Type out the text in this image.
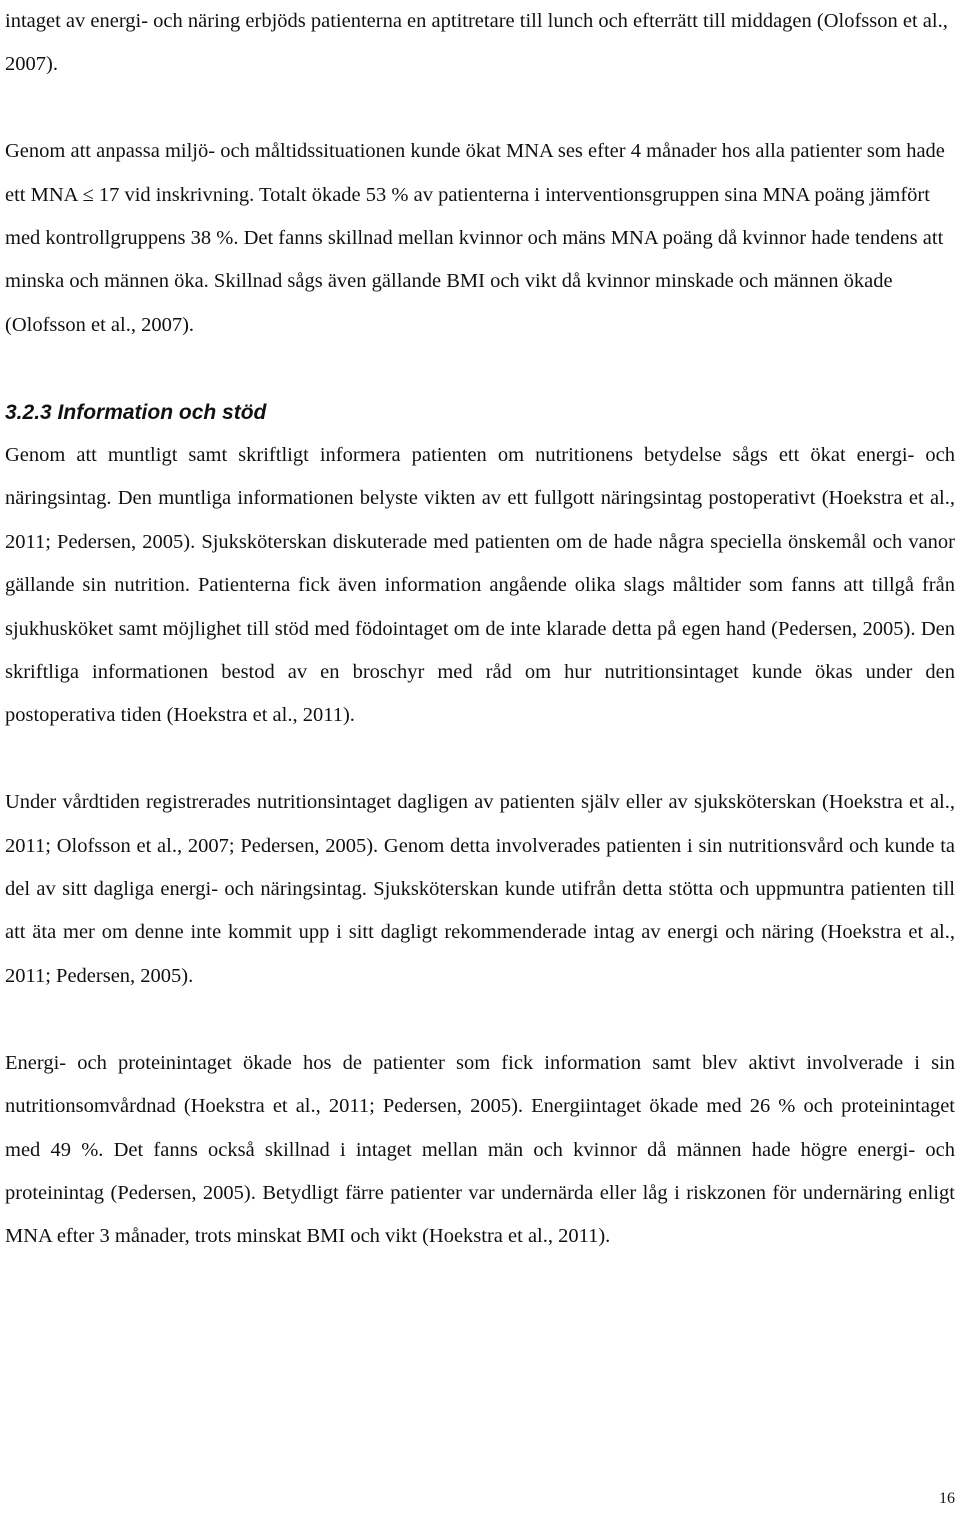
intaget av energi- och näring erbjöds patienterna en aptitretare till lunch och efterrätt till middagen (Olofsson et al., 2007).

Genom att anpassa miljö- och måltidssituationen kunde ökat MNA ses efter 4 månader hos alla patienter som hade ett MNA ≤ 17 vid inskrivning. Totalt ökade 53 % av patienterna i interventionsgruppen sina MNA poäng jämfört med kontrollgruppens 38 %. Det fanns skillnad mellan kvinnor och mäns MNA poäng då kvinnor hade tendens att minska och männen öka. Skillnad sågs även gällande BMI och vikt då kvinnor minskade och männen ökade (Olofsson et al., 2007).

3.2.3 Information och stöd

Genom att muntligt samt skriftligt informera patienten om nutritionens betydelse sågs ett ökat energi- och näringsintag. Den muntliga informationen belyste vikten av ett fullgott näringsintag postoperativt (Hoekstra et al., 2011; Pedersen, 2005). Sjuksköterskan diskuterade med patienten om de hade några speciella önskemål och vanor gällande sin nutrition. Patienterna fick även information angående olika slags måltider som fanns att tillgå från sjukhusköket samt möjlighet till stöd med födointaget om de inte klarade detta på egen hand (Pedersen, 2005). Den skriftliga informationen bestod av en broschyr med råd om hur nutritionsintaget kunde ökas under den postoperativa tiden (Hoekstra et al., 2011).

Under vårdtiden registrerades nutritionsintaget dagligen av patienten själv eller av sjuksköterskan (Hoekstra et al., 2011; Olofsson et al., 2007; Pedersen, 2005). Genom detta involverades patienten i sin nutritionsvård och kunde ta del av sitt dagliga energi- och näringsintag. Sjuksköterskan kunde utifrån detta stötta och uppmuntra patienten till att äta mer om denne inte kommit upp i sitt dagligt rekommenderade intag av energi och näring (Hoekstra et al., 2011; Pedersen, 2005).

Energi- och proteinintaget ökade hos de patienter som fick information samt blev aktivt involverade i sin nutritionsomvårdnad (Hoekstra et al., 2011; Pedersen, 2005). Energiintaget ökade med 26 % och proteinintaget med 49 %. Det fanns också skillnad i intaget mellan män och kvinnor då männen hade högre energi- och proteinintag (Pedersen, 2005). Betydligt färre patienter var undernärda eller låg i riskzonen för undernäring enligt MNA efter 3 månader, trots minskat BMI och vikt (Hoekstra et al., 2011).

16
